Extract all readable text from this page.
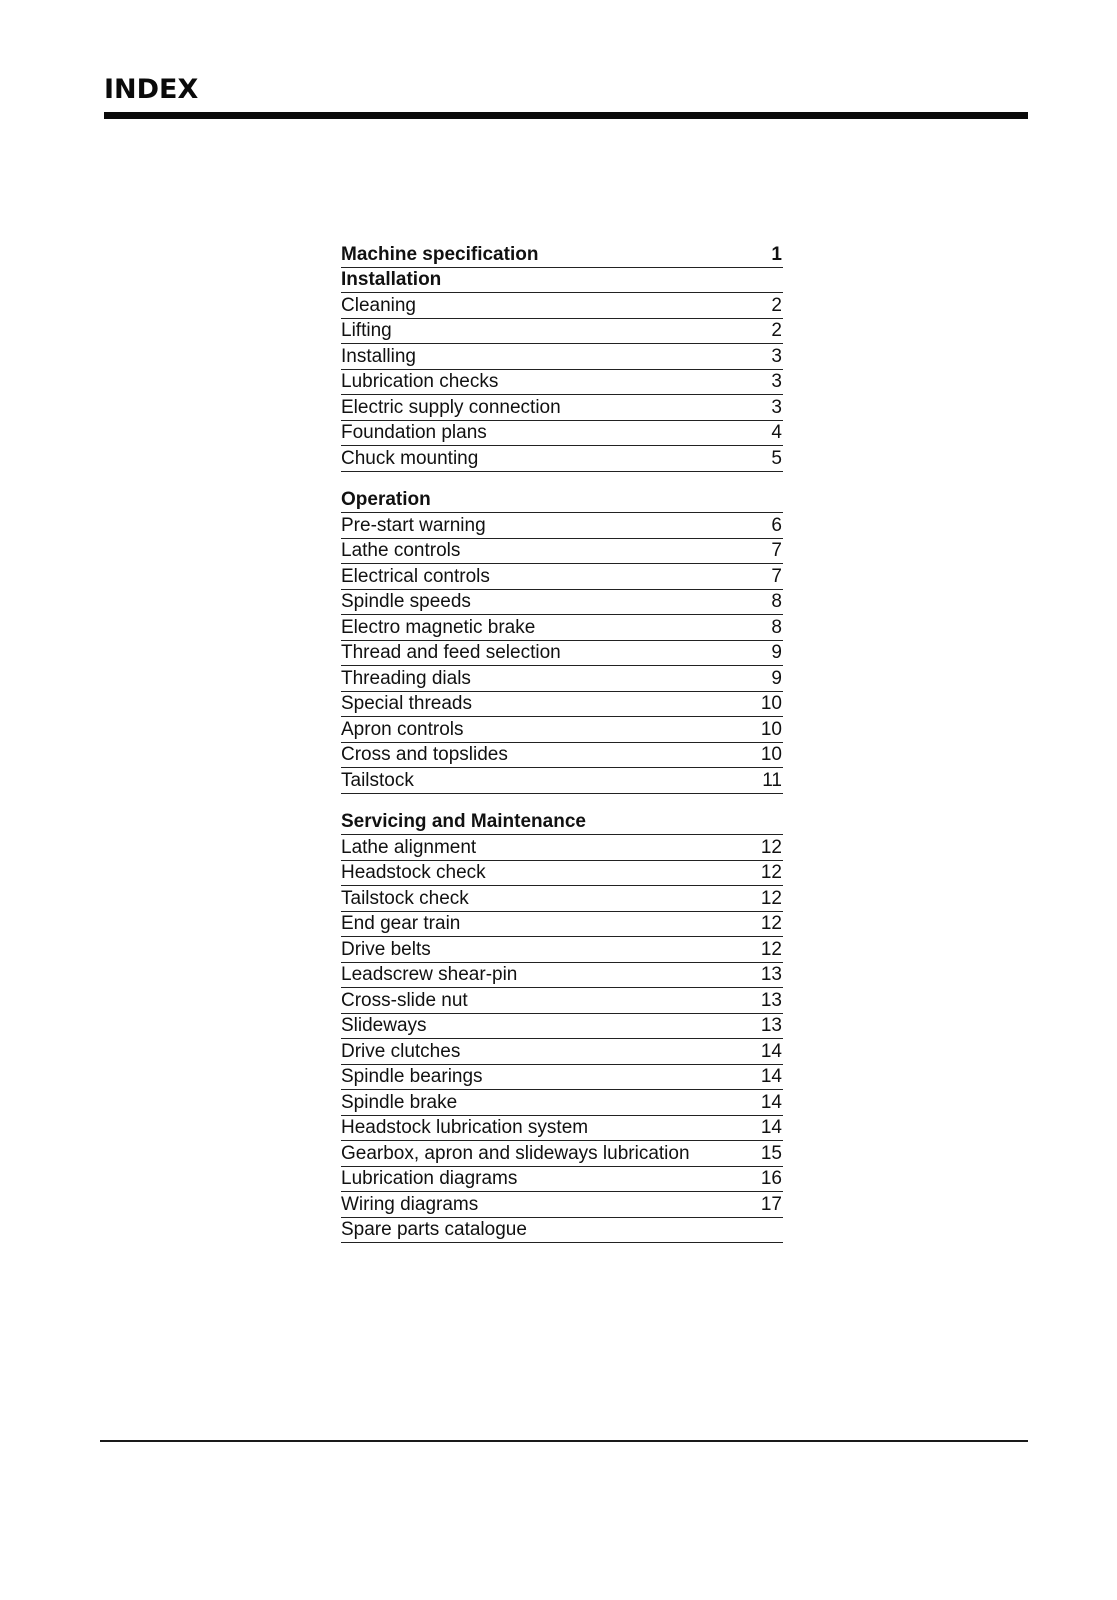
INDEX
Machine specification	1
Installation
Cleaning	2
Lifting	2
Installing	3
Lubrication checks	3
Electric supply connection	3
Foundation plans	4
Chuck mounting	5
Operation
Pre-start warning	6
Lathe controls	7
Electrical controls	7
Spindle speeds	8
Electro magnetic brake	8
Thread and feed selection	9
Threading dials	9
Special threads	10
Apron controls	10
Cross and topslides	10
Tailstock	11
Servicing and Maintenance
Lathe alignment	12
Headstock check	12
Tailstock check	12
End gear train	12
Drive belts	12
Leadscrew shear-pin	13
Cross-slide nut	13
Slideways	13
Drive clutches	14
Spindle bearings	14
Spindle brake	14
Headstock lubrication system	14
Gearbox, apron and slideways lubrication	15
Lubrication diagrams	16
Wiring diagrams	17
Spare parts catalogue
